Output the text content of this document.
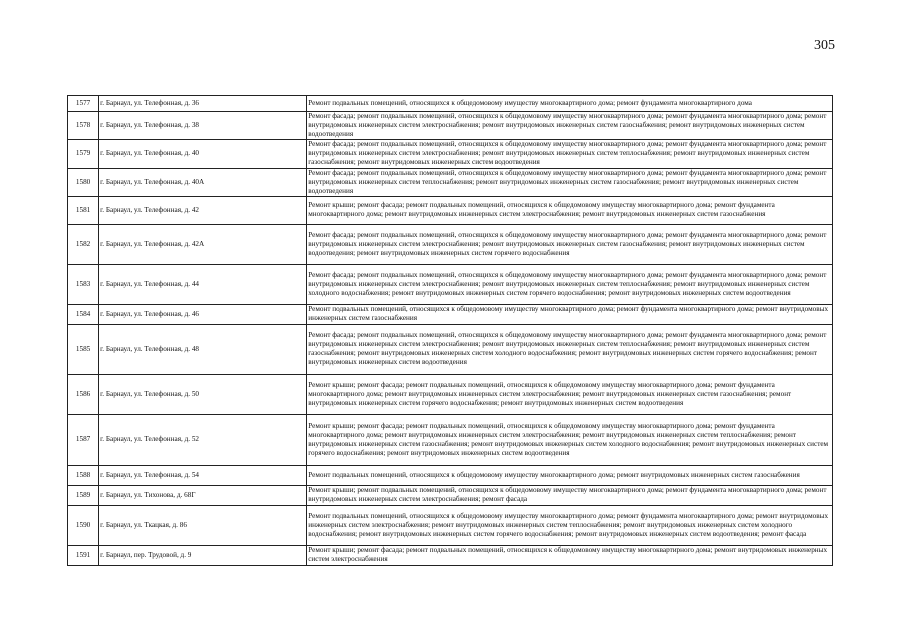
305
1577	г. Барнаул, ул. Телефонная, д. 36	Ремонт подвальных помещений, относящихся к общедомовому имуществу многоквартирного дома; ремонт фундамента многоквартирного дома
1578	г. Барнаул, ул. Телефонная, д. 38	Ремонт фасада; ремонт подвальных помещений, относящихся к общедомовому имуществу многоквартирного дома; ремонт фундамента многоквартирного дома; ремонт внутридомовых инженерных систем электроснабжения; ремонт внутридомовых инженерных систем газоснабжения; ремонт внутридомовых инженерных систем водоотведения
1579	г. Барнаул, ул. Телефонная, д. 40	Ремонт фасада; ремонт подвальных помещений, относящихся к общедомовому имуществу многоквартирного дома; ремонт фундамента многоквартирного дома; ремонт внутридомовых инженерных систем электроснабжения; ремонт внутридомовых инженерных систем теплоснабжения; ремонт внутридомовых инженерных систем газоснабжения; ремонт внутридомовых инженерных систем водоотведения
1580	г. Барнаул, ул. Телефонная, д. 40А	Ремонт фасада; ремонт подвальных помещений, относящихся к общедомовому имуществу многоквартирного дома; ремонт фундамента многоквартирного дома; ремонт внутридомовых инженерных систем теплоснабжения; ремонт внутридомовых инженерных систем газоснабжения; ремонт внутридомовых инженерных систем водоотведения
1581	г. Барнаул, ул. Телефонная, д. 42	Ремонт крыши; ремонт фасада; ремонт подвальных помещений, относящихся к общедомовому имуществу многоквартирного дома; ремонт фундамента многоквартирного дома; ремонт внутридомовых инженерных систем электроснабжения; ремонт внутридомовых инженерных систем газоснабжения
1582	г. Барнаул, ул. Телефонная, д. 42А	Ремонт фасада; ремонт подвальных помещений, относящихся к общедомовому имуществу многоквартирного дома; ремонт фундамента многоквартирного дома; ремонт внутридомовых инженерных систем электроснабжения; ремонт внутридомовых инженерных систем газоснабжения; ремонт внутридомовых инженерных систем водоотведения; ремонт внутридомовых инженерных систем горячего водоснабжения
1583	г. Барнаул, ул. Телефонная, д. 44	Ремонт фасада; ремонт подвальных помещений, относящихся к общедомовому имуществу многоквартирного дома; ремонт фундамента многоквартирного дома; ремонт внутридомовых инженерных систем электроснабжения; ремонт внутридомовых инженерных систем теплоснабжения; ремонт внутридомовых инженерных систем холодного водоснабжения; ремонт внутридомовых инженерных систем горячего водоснабжения; ремонт внутридомовых инженерных систем водоотведения
1584	г. Барнаул, ул. Телефонная, д. 46	Ремонт подвальных помещений, относящихся к общедомовому имуществу многоквартирного дома; ремонт фундамента многоквартирного дома; ремонт внутридомовых инженерных систем газоснабжения
1585	г. Барнаул, ул. Телефонная, д. 48	Ремонт фасада; ремонт подвальных помещений, относящихся к общедомовому имуществу многоквартирного дома; ремонт фундамента многоквартирного дома; ремонт внутридомовых инженерных систем электроснабжения; ремонт внутридомовых инженерных систем теплоснабжения; ремонт внутридомовых инженерных систем газоснабжения; ремонт внутридомовых инженерных систем холодного водоснабжения; ремонт внутридомовых инженерных систем горячего водоснабжения; ремонт внутридомовых инженерных систем водоотведения
1586	г. Барнаул, ул. Телефонная, д. 50	Ремонт крыши; ремонт фасада; ремонт подвальных помещений, относящихся к общедомовому имуществу многоквартирного дома; ремонт фундамента многоквартирного дома; ремонт внутридомовых инженерных систем электроснабжения; ремонт внутридомовых инженерных систем газоснабжения; ремонт внутридомовых инженерных систем горячего водоснабжения; ремонт внутридомовых инженерных систем водоотведения
1587	г. Барнаул, ул. Телефонная, д. 52	Ремонт крыши; ремонт фасада; ремонт подвальных помещений, относящихся к общедомовому имуществу многоквартирного дома; ремонт фундамента многоквартирного дома; ремонт внутридомовых инженерных систем электроснабжения; ремонт внутридомовых инженерных систем теплоснабжения; ремонт внутридомовых инженерных систем газоснабжения; ремонт внутридомовых инженерных систем холодного водоснабжения; ремонт внутридомовых инженерных систем горячего водоснабжения; ремонт внутридомовых инженерных систем водоотведения
1588	г. Барнаул, ул. Телефонная, д. 54	Ремонт подвальных помещений, относящихся к общедомовому имуществу многоквартирного дома; ремонт внутридомовых инженерных систем газоснабжения
1589	г. Барнаул, ул. Тихонова, д. 68Г	Ремонт крыши; ремонт подвальных помещений, относящихся к общедомовому имуществу многоквартирного дома; ремонт фундамента многоквартирного дома; ремонт внутридомовых инженерных систем электроснабжения; ремонт фасада
1590	г. Барнаул, ул. Ткацкая, д. 86	Ремонт подвальных помещений, относящихся к общедомовому имуществу многоквартирного дома; ремонт фундамента многоквартирного дома; ремонт внутридомовых инженерных систем электроснабжения; ремонт внутридомовых инженерных систем теплоснабжения; ремонт внутридомовых инженерных систем холодного водоснабжения; ремонт внутридомовых инженерных систем горячего водоснабжения; ремонт внутридомовых инженерных систем водоотведения; ремонт фасада
1591	г. Барнаул, пер. Трудовой, д. 9	Ремонт крыши; ремонт фасада; ремонт подвальных помещений, относящихся к общедомовому имуществу многоквартирного дома; ремонт внутридомовых инженерных систем электроснабжения
